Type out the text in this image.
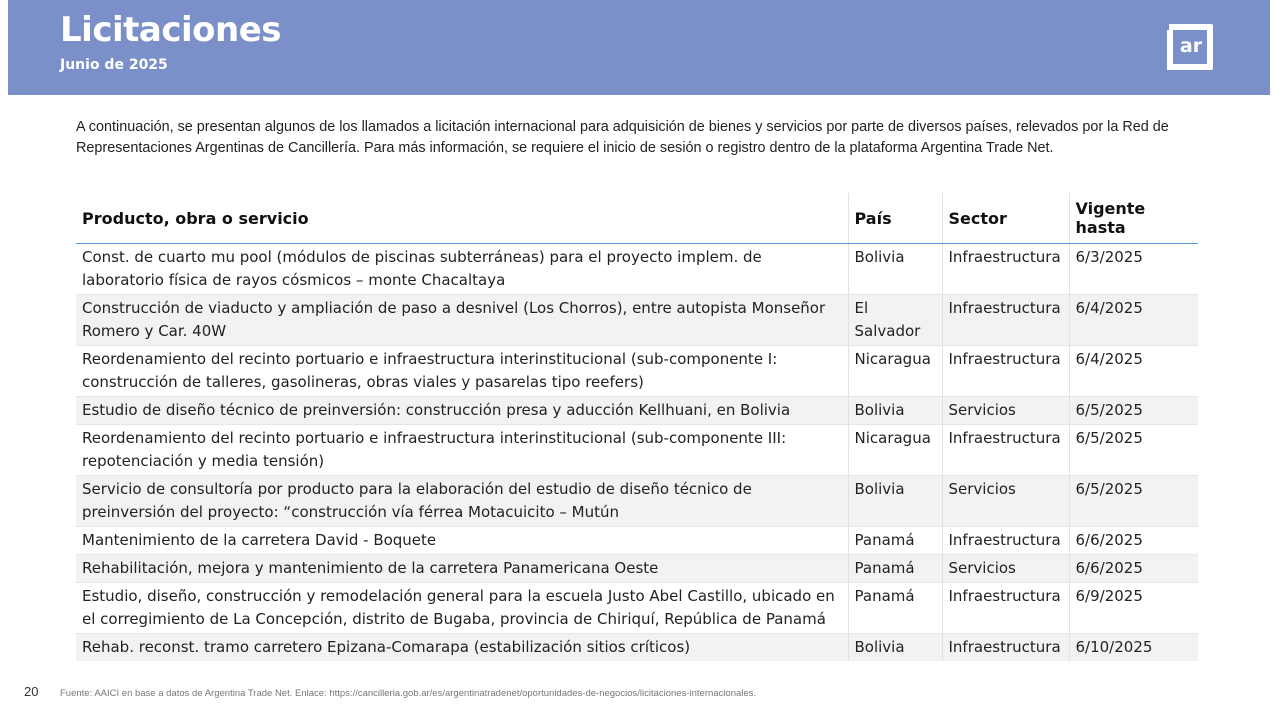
Licitaciones
Junio de 2025
ar

A continuación, se presentan algunos de los llamados a licitación internacional para adquisición de bienes y servicios por parte de diversos países, relevados por la Red de Representaciones Argentinas de Cancillería. Para más información, se requiere el inicio de sesión o registro dentro de la plataforma Argentina Trade Net.

Producto, obra o servicio	País	Sector	Vigente hasta
Const. de cuarto mu pool (módulos de piscinas subterráneas) para el proyecto implem. de laboratorio física de rayos cósmicos – monte Chacaltaya	Bolivia	Infraestructura	6/3/2025
Construcción de viaducto y ampliación de paso a desnivel (Los Chorros), entre autopista Monseñor Romero y Car. 40W	El Salvador	Infraestructura	6/4/2025
Reordenamiento del recinto portuario e infraestructura interinstitucional (sub-componente I: construcción de talleres, gasolineras, obras viales y pasarelas tipo reefers)	Nicaragua	Infraestructura	6/4/2025
Estudio de diseño técnico de preinversión: construcción presa y aducción Kellhuani, en Bolivia	Bolivia	Servicios	6/5/2025
Reordenamiento del recinto portuario e infraestructura interinstitucional (sub-componente III: repotenciación y media tensión)	Nicaragua	Infraestructura	6/5/2025
Servicio de consultoría por producto para la elaboración del estudio de diseño técnico de preinversión del proyecto: “construcción vía férrea Motacuicito – Mutún	Bolivia	Servicios	6/5/2025
Mantenimiento de la carretera David - Boquete	Panamá	Infraestructura	6/6/2025
Rehabilitación, mejora y mantenimiento de la carretera Panamericana Oeste	Panamá	Servicios	6/6/2025
Estudio, diseño, construcción y remodelación general para la escuela Justo Abel Castillo, ubicado en el corregimiento de La Concepción, distrito de Bugaba, provincia de Chiriquí, República de Panamá	Panamá	Infraestructura	6/9/2025
Rehab. reconst. tramo carretero Epizana-Comarapa (estabilización sitios críticos)	Bolivia	Infraestructura	6/10/2025
20 Fuente: AAICI en base a datos de Argentina Trade Net. Enlace: https://cancilleria.gob.ar/es/argentinatradenet/oportunidades-de-negocios/licitaciones-internacionales.
